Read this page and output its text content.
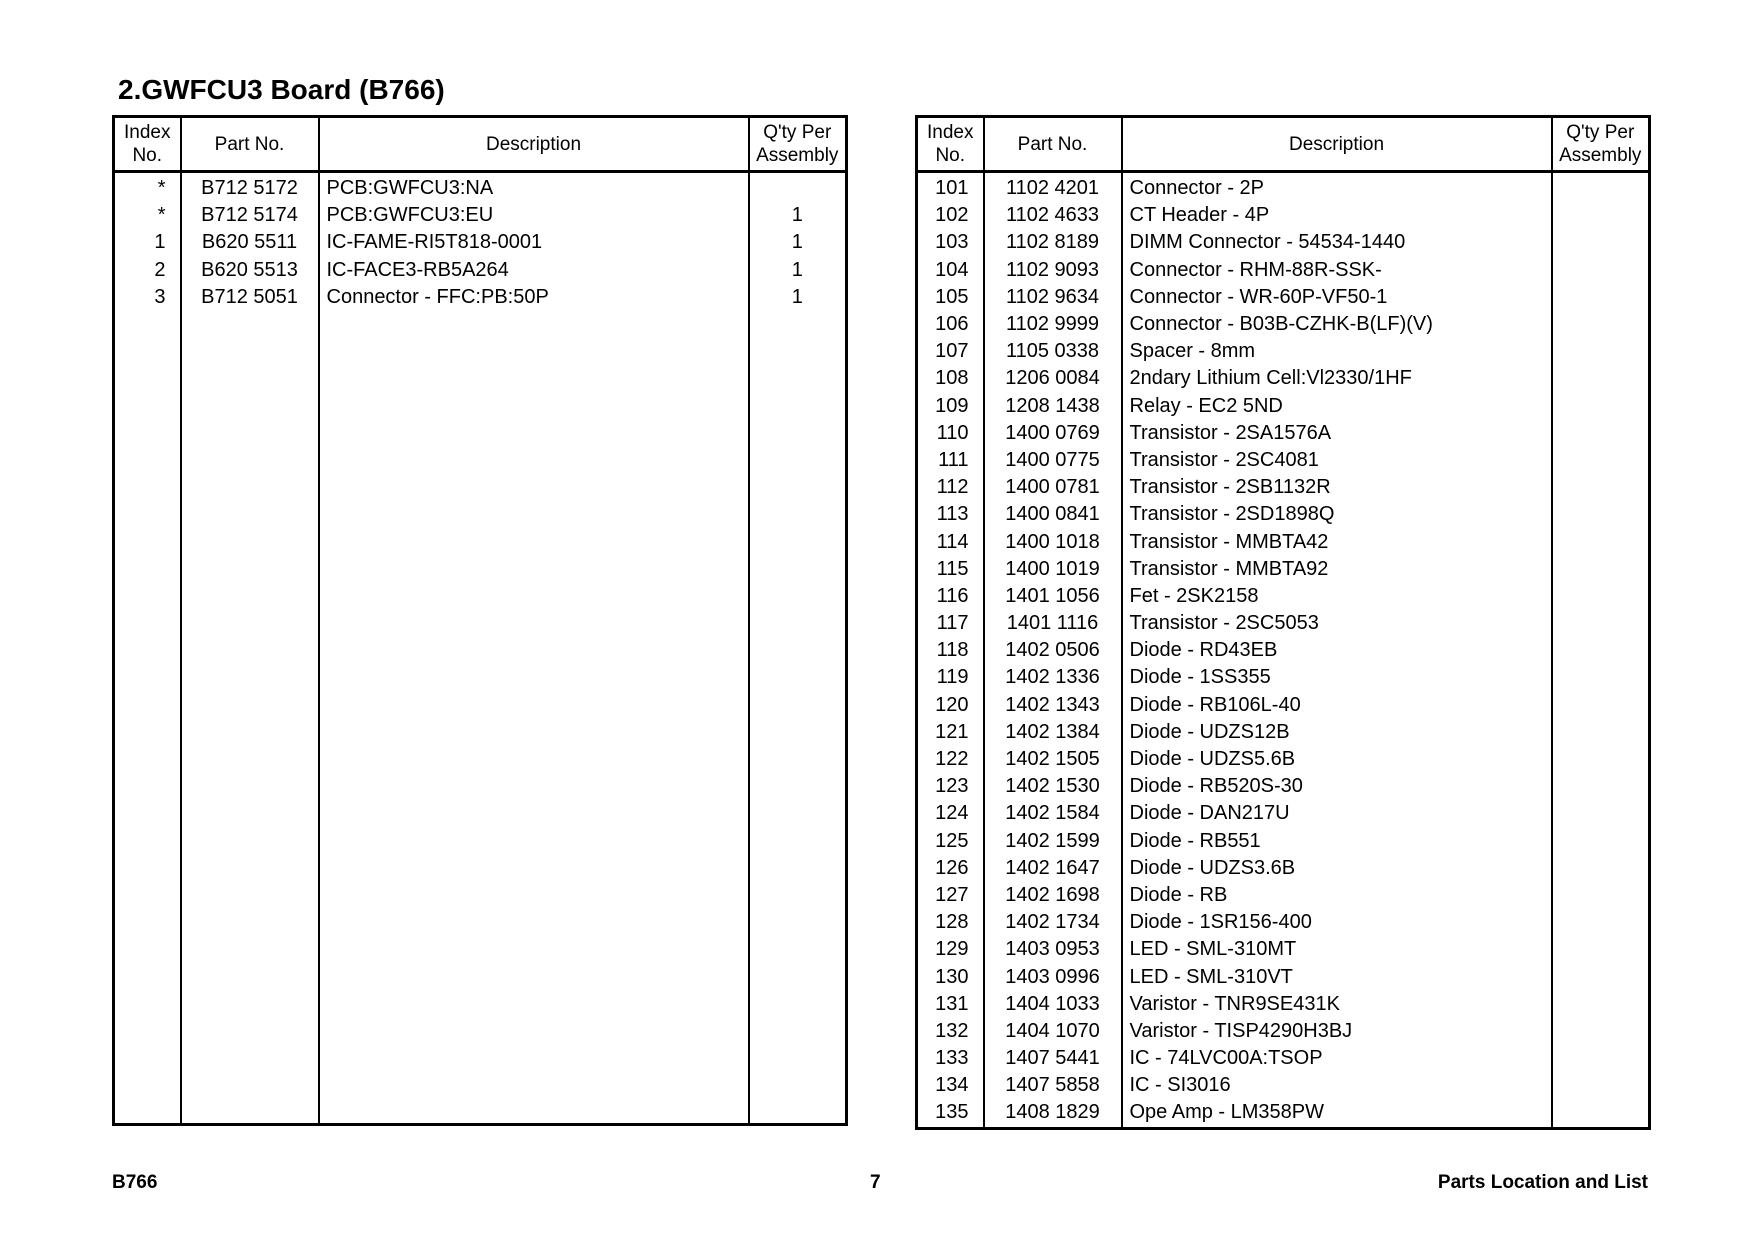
2.GWFCU3 Board (B766)
Index No.	Part No.	Description	Q'ty Per Assembly
*	B712 5172	PCB:GWFCU3:NA	
*	B712 5174	PCB:GWFCU3:EU	1
1	B620 5511	IC-FAME-RI5T818-0001	1
2	B620 5513	IC-FACE3-RB5A264	1
3	B712 5051	Connector - FFC:PB:50P	1

Index No.	Part No.	Description	Q'ty Per Assembly
101	1102 4201	Connector - 2P	
102	1102 4633	CT Header - 4P	
103	1102 8189	DIMM Connector - 54534-1440	
104	1102 9093	Connector - RHM-88R-SSK-	
105	1102 9634	Connector - WR-60P-VF50-1	
106	1102 9999	Connector - B03B-CZHK-B(LF)(V)	
107	1105 0338	Spacer - 8mm	
108	1206 0084	2ndary Lithium Cell:Vl2330/1HF	
109	1208 1438	Relay - EC2 5ND	
110	1400 0769	Transistor - 2SA1576A	
111	1400 0775	Transistor - 2SC4081	
112	1400 0781	Transistor - 2SB1132R	
113	1400 0841	Transistor - 2SD1898Q	
114	1400 1018	Transistor - MMBTA42	
115	1400 1019	Transistor - MMBTA92	
116	1401 1056	Fet - 2SK2158	
117	1401 1116	Transistor - 2SC5053	
118	1402 0506	Diode - RD43EB	
119	1402 1336	Diode - 1SS355	
120	1402 1343	Diode - RB106L-40	
121	1402 1384	Diode - UDZS12B	
122	1402 1505	Diode - UDZS5.6B	
123	1402 1530	Diode - RB520S-30	
124	1402 1584	Diode - DAN217U	
125	1402 1599	Diode - RB551	
126	1402 1647	Diode - UDZS3.6B	
127	1402 1698	Diode - RB	
128	1402 1734	Diode - 1SR156-400	
129	1403 0953	LED - SML-310MT	
130	1403 0996	LED - SML-310VT	
131	1404 1033	Varistor - TNR9SE431K	
132	1404 1070	Varistor - TISP4290H3BJ	
133	1407 5441	IC - 74LVC00A:TSOP	
134	1407 5858	IC - SI3016	
135	1408 1829	Ope Amp - LM358PW	
B766	7	Parts Location and List
